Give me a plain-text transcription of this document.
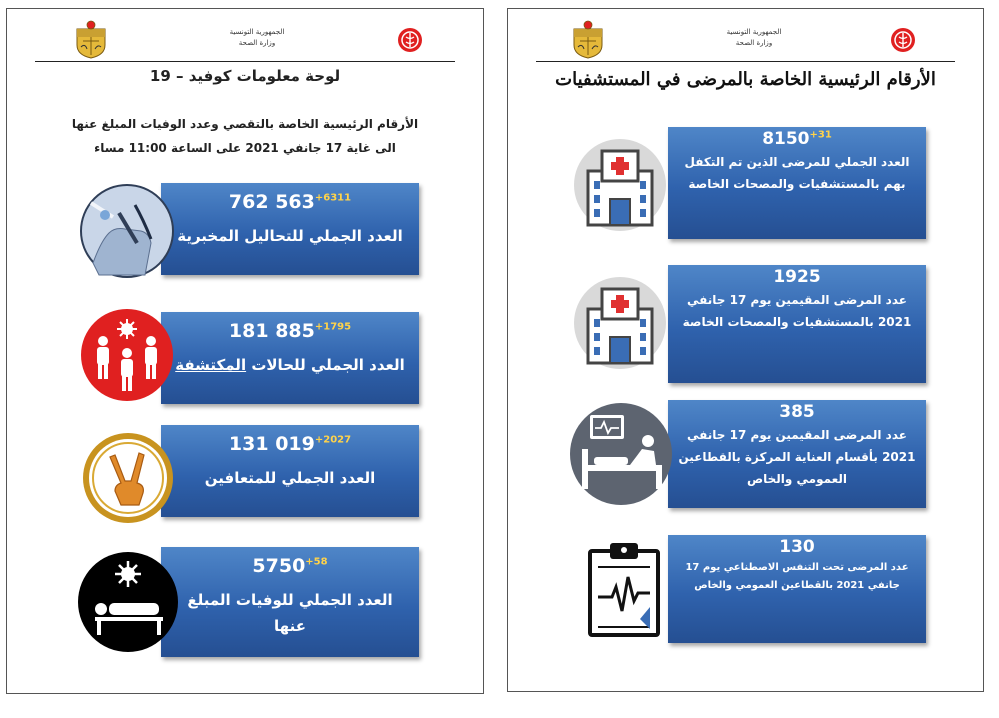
الجمهورية التونسية
وزارة الصحة
لوحة معلومات كوفيد – 19
الأرقام الرئيسية الخاصة بالتقصي وعدد الوفيات المبلغ عنها
الى غاية 17 جانفي 2021 على الساعة 11:00 مساء
762 $563^{+6311}$
العدد الجملي للتحاليل المخبرية
181 $885^{+1795}$
العدد الجملي للحالات المكتشفة
131 $019^{+2027}$
العدد الجملي للمتعافين
$5750^{+58}$
العدد الجملي للوفيات المبلغ عنها
الجمهورية التونسية
وزارة الصحة
الأرقام الرئيسية الخاصة بالمرضى في المستشفيات
$8150^{+31}$
العدد الجملي للمرضى الذين تم التكفل بهم بالمستشفيات والمصحات الخاصة
1925
عدد المرضى المقيمين يوم 17 جانفي 2021 بالمستشفيات والمصحات الخاصة
385
عدد المرضى المقيمين يوم 17 جانفي 2021 بأقسام العناية المركزة بالقطاعين العمومي والخاص
130
عدد المرضى تحت التنفس الاصطناعي يوم 17 جانفي 2021 بالقطاعين العمومي والخاص
